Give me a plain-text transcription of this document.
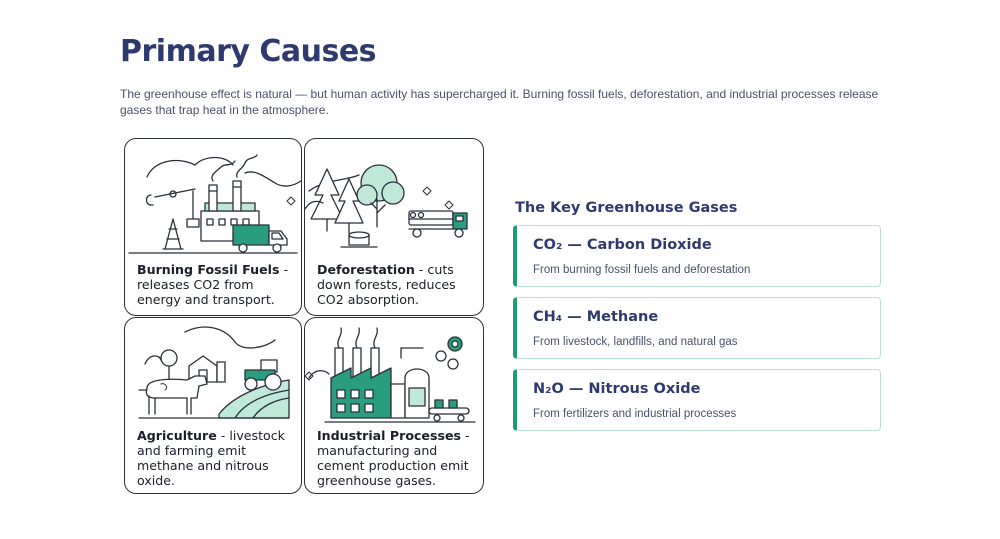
Primary Causes

The greenhouse effect is natural — but human activity has supercharged it. Burning fossil fuels, deforestation, and industrial processes release gases that trap heat in the atmosphere.

Burning Fossil Fuels - releases CO2 from energy and transport.
Deforestation - cuts down forests, reduces CO2 absorption.
Agriculture - livestock and farming emit methane and nitrous oxide.
Industrial Processes - manufacturing and cement production emit greenhouse gases.
The Key Greenhouse Gases
CO₂ — Carbon Dioxide
From burning fossil fuels and deforestation
CH₄ — Methane
From livestock, landfills, and natural gas
N₂O — Nitrous Oxide
From fertilizers and industrial processes
